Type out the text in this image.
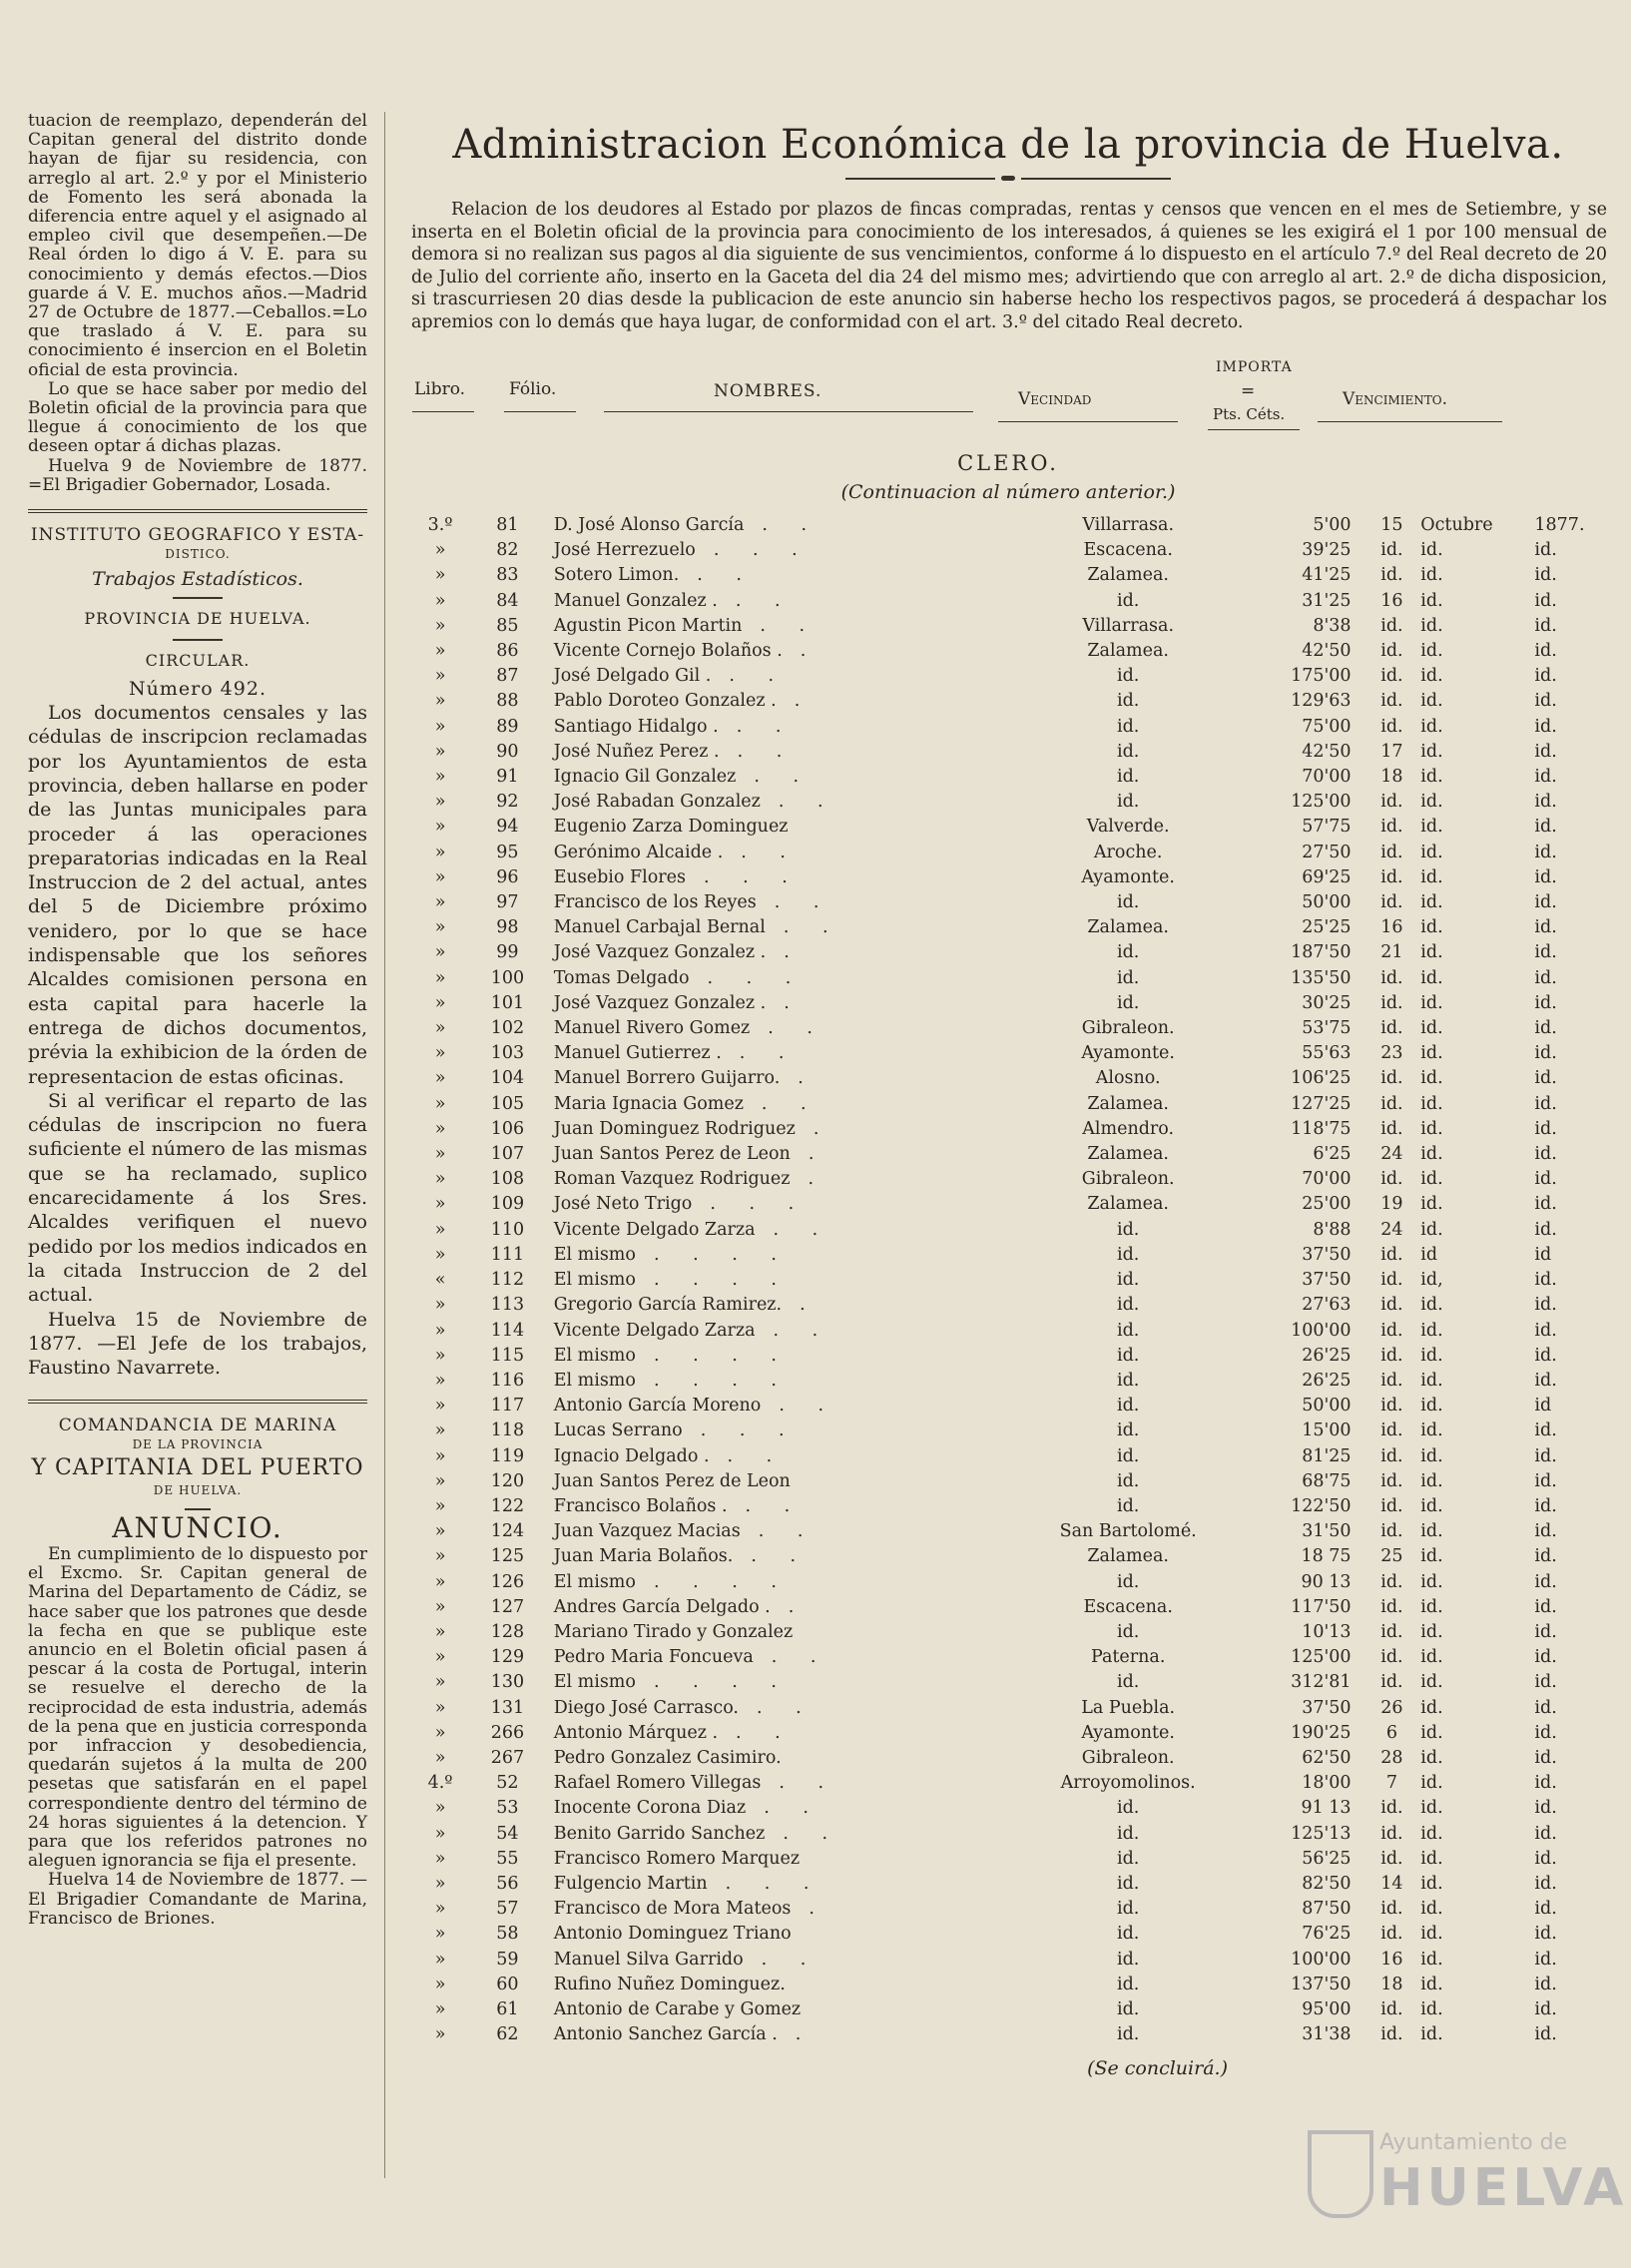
tuacion de reemplazo, dependerán del Capitan general del distrito donde hayan de fijar su residencia, con arreglo al art. 2.º y por el Ministerio de Fomento les será abonada la diferencia entre aquel y el asignado al empleo civil que desempeñen.—De Real órden lo digo á V. E. para su conocimiento y demás efectos.—Dios guarde á V. E. muchos años.—Madrid 27 de Octubre de 1877.—Ceballos.=Lo que traslado á V. E. para su conocimiento é insercion en el Boletin oficial de esta provincia.

Lo que se hace saber por medio del Boletin oficial de la provincia para que llegue á conocimiento de los que deseen optar á dichas plazas.

Huelva 9 de Noviembre de 1877. =El Brigadier Gobernador, Losada.

INSTITUTO GEOGRAFICO Y ESTA-
DISTICO.
Trabajos Estadísticos.
PROVINCIA DE HUELVA.
CIRCULAR.
Número 492.

Los documentos censales y las cédulas de inscripcion reclamadas por los Ayuntamientos de esta provincia, deben hallarse en poder de las Juntas municipales para proceder á las operaciones preparatorias indicadas en la Real Instruccion de 2 del actual, antes del 5 de Diciembre próximo venidero, por lo que se hace indispensable que los señores Alcaldes comisionen persona en esta capital para hacerle la entrega de dichos documentos, prévia la exhibicion de la órden de representacion de estas oficinas.

Si al verificar el reparto de las cédulas de inscripcion no fuera suficiente el número de las mismas que se ha reclamado, suplico encarecidamente á los Sres. Alcaldes verifiquen el nuevo pedido por los medios indicados en la citada Instruccion de 2 del actual.

Huelva 15 de Noviembre de 1877. —El Jefe de los trabajos, Faustino Navarrete.

COMANDANCIA DE MARINA
DE LA PROVINCIA
Y CAPITANIA DEL PUERTO
DE HUELVA.
ANUNCIO.

En cumplimiento de lo dispuesto por el Excmo. Sr. Capitan general de Marina del Departamento de Cádiz, se hace saber que los patrones que desde la fecha en que se publique este anuncio en el Boletin oficial pasen á pescar á la costa de Portugal, interin se resuelve el derecho de la reciprocidad de esta industria, además de la pena que en justicia corresponda por infraccion y desobediencia, quedarán sujetos á la multa de 200 pesetas que satisfarán en el papel correspondiente dentro del término de 24 horas siguientes á la detencion. Y para que los referidos patrones no aleguen ignorancia se fija el presente.

Huelva 14 de Noviembre de 1877. —El Brigadier Comandante de Marina, Francisco de Briones.

Administracion Económica de la provincia de Huelva.

Relacion de los deudores al Estado por plazos de fincas compradas, rentas y censos que vencen en el mes de Setiembre, y se inserta en el Boletin oficial de la provincia para conocimiento de los interesados, á quienes se les exigirá el 1 por 100 mensual de demora si no realizan sus pagos al dia siguiente de sus vencimientos, conforme á lo dispuesto en el artículo 7.º del Real decreto de 20 de Julio del corriente año, inserto en la Gaceta del dia 24 del mismo mes; advirtiendo que con arreglo al art. 2.º de dicha disposicion, si trascurriesen 20 dias desde la publicacion de este anuncio sin haberse hecho los respectivos pagos, se procederá á despachar los apremios con lo demás que haya lugar, de conformidad con el art. 3.º del citado Real decreto.

Libro.	Fólio.	NOMBRES.	Vecindad
IMPORTA
=
Pts. Céts.
Vencimiento.
CLERO.
(Continuacion al número anterior.)
3.º	81	D. José Alonso García . .	Villarrasa.	5'00	15	Octubre	1877.
»	82	José Herrezuelo . . .	Escacena.	39'25	id.	id.	id.
»	83	Sotero Limon. . .	Zalamea.	41'25	id.	id.	id.
»	84	Manuel Gonzalez . . .	id.	31'25	16	id.	id.
»	85	Agustin Picon Martin . .	Villarrasa.	8'38	id.	id.	id.
»	86	Vicente Cornejo Bolaños . .	Zalamea.	42'50	id.	id.	id.
»	87	José Delgado Gil . . .	id.	175'00	id.	id.	id.
»	88	Pablo Doroteo Gonzalez . .	id.	129'63	id.	id.	id.
»	89	Santiago Hidalgo . . .	id.	75'00	id.	id.	id.
»	90	José Nuñez Perez . . .	id.	42'50	17	id.	id.
»	91	Ignacio Gil Gonzalez . .	id.	70'00	18	id.	id.
»	92	José Rabadan Gonzalez . .	id.	125'00	id.	id.	id.
»	94	Eugenio Zarza Dominguez	Valverde.	57'75	id.	id.	id.
»	95	Gerónimo Alcaide . . .	Aroche.	27'50	id.	id.	id.
»	96	Eusebio Flores . . .	Ayamonte.	69'25	id.	id.	id.
»	97	Francisco de los Reyes . .	id.	50'00	id.	id.	id.
»	98	Manuel Carbajal Bernal . .	Zalamea.	25'25	16	id.	id.
»	99	José Vazquez Gonzalez . .	id.	187'50	21	id.	id.
»	100	Tomas Delgado . . .	id.	135'50	id.	id.	id.
»	101	José Vazquez Gonzalez . .	id.	30'25	id.	id.	id.
»	102	Manuel Rivero Gomez . .	Gibraleon.	53'75	id.	id.	id.
»	103	Manuel Gutierrez . . .	Ayamonte.	55'63	23	id.	id.
»	104	Manuel Borrero Guijarro. .	Alosno.	106'25	id.	id.	id.
»	105	Maria Ignacia Gomez . .	Zalamea.	127'25	id.	id.	id.
»	106	Juan Dominguez Rodriguez .	Almendro.	118'75	id.	id.	id.
»	107	Juan Santos Perez de Leon .	Zalamea.	6'25	24	id.	id.
»	108	Roman Vazquez Rodriguez .	Gibraleon.	70'00	id.	id.	id.
»	109	José Neto Trigo . . .	Zalamea.	25'00	19	id.	id.
»	110	Vicente Delgado Zarza . .	id.	8'88	24	id.	id.
»	111	El mismo . . . .	id.	37'50	id.	id	id
«	112	El mismo . . . .	id.	37'50	id.	id,	id.
»	113	Gregorio García Ramirez. .	id.	27'63	id.	id.	id.
»	114	Vicente Delgado Zarza . .	id.	100'00	id.	id.	id.
»	115	El mismo . . . .	id.	26'25	id.	id.	id.
»	116	El mismo . . . .	id.	26'25	id.	id.	id.
»	117	Antonio García Moreno . .	id.	50'00	id.	id.	id
»	118	Lucas Serrano . . .	id.	15'00	id.	id.	id.
»	119	Ignacio Delgado . . .	id.	81'25	id.	id.	id.
»	120	Juan Santos Perez de Leon	id.	68'75	id.	id.	id.
»	122	Francisco Bolaños . . .	id.	122'50	id.	id.	id.
»	124	Juan Vazquez Macias . .	San Bartolomé.	31'50	id.	id.	id.
»	125	Juan Maria Bolaños. . .	Zalamea.	18 75	25	id.	id.
»	126	El mismo . . . .	id.	90 13	id.	id.	id.
»	127	Andres García Delgado . .	Escacena.	117'50	id.	id.	id.
»	128	Mariano Tirado y Gonzalez	id.	10'13	id.	id.	id.
»	129	Pedro Maria Foncueva . .	Paterna.	125'00	id.	id.	id.
»	130	El mismo . . . .	id.	312'81	id.	id.	id.
»	131	Diego José Carrasco. . .	La Puebla.	37'50	26	id.	id.
»	266	Antonio Márquez . . .	Ayamonte.	190'25	6	id.	id.
»	267	Pedro Gonzalez Casimiro.	Gibraleon.	62'50	28	id.	id.
4.º	52	Rafael Romero Villegas . .	Arroyomolinos.	18'00	7	id.	id.
»	53	Inocente Corona Diaz . .	id.	91 13	id.	id.	id.
»	54	Benito Garrido Sanchez . .	id.	125'13	id.	id.	id.
»	55	Francisco Romero Marquez	id.	56'25	id.	id.	id.
»	56	Fulgencio Martin . . .	id.	82'50	14	id.	id.
»	57	Francisco de Mora Mateos .	id.	87'50	id.	id.	id.
»	58	Antonio Dominguez Triano	id.	76'25	id.	id.	id.
»	59	Manuel Silva Garrido . .	id.	100'00	16	id.	id.
»	60	Rufino Nuñez Dominguez.	id.	137'50	18	id.	id.
»	61	Antonio de Carabe y Gomez	id.	95'00	id.	id.	id.
»	62	Antonio Sanchez García . .	id.	31'38	id.	id.	id.
(Se concluirá.)
Ayuntamiento de
HUELVA
